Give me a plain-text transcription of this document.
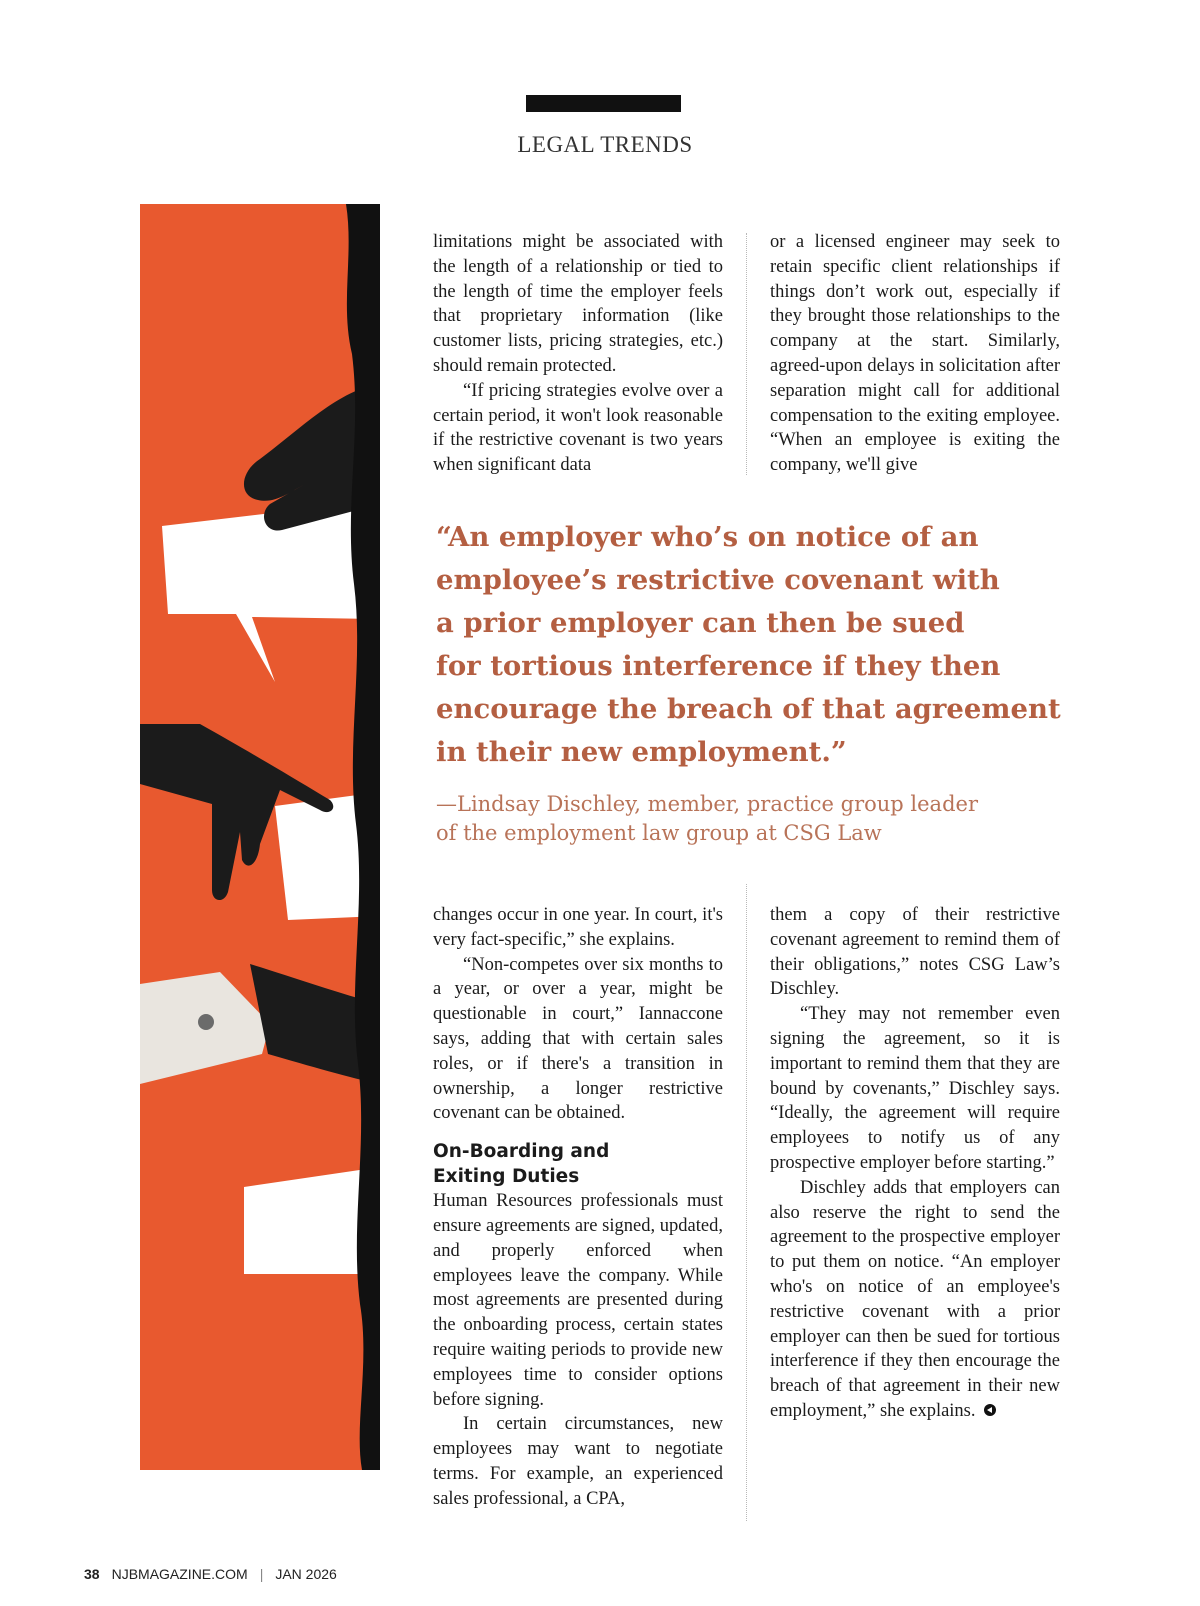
LEGAL TRENDS

limitations might be associated with the length of a relationship or tied to the length of time the employer feels that proprietary information (like customer lists, pricing strategies, etc.) should remain protected.

“If pricing strategies evolve over a certain period, it won't look reasonable if the restrictive covenant is two years when significant data

or a licensed engineer may seek to retain specific client relationships if things don’t work out, especially if they brought those relationships to the company at the start. Similarly, agreed-upon delays in solicitation after separation might call for additional compensation to the exiting employee. “When an employee is exiting the company, we'll give

“An employer who’s on notice of an
employee’s restrictive covenant with
a prior employer can then be sued
for tortious interference if they then
encourage the breach of that agreement
in their new employment.”
—Lindsay Dischley, member, practice group leader
of the employment law group at CSG Law

changes occur in one year. In court, it's very fact-specific,” she explains.

“Non-competes over six months to a year, or over a year, might be questionable in court,” Iannaccone says, adding that with certain sales roles, or if there's a transition in ownership, a longer restrictive covenant can be obtained.

On-Boarding and
Exiting Duties

Human Resources professionals must ensure agreements are signed, updated, and properly enforced when employees leave the company. While most agreements are presented during the onboarding process, certain states require waiting periods to provide new employees time to consider options before signing.

In certain circumstances, new employees may want to negotiate terms. For example, an experienced sales professional, a CPA,

them a copy of their restrictive covenant agreement to remind them of their obligations,” notes CSG Law’s Dischley.

“They may not remember even signing the agreement, so it is important to remind them that they are bound by covenants,” Dischley says. “Ideally, the agreement will require employees to notify us of any prospective employer before starting.”

Dischley adds that employers can also reserve the right to send the agreement to the prospective employer to put them on notice. “An employer who's on notice of an employee's restrictive covenant with a prior employer can then be sued for tortious interference if they then encourage the breach of that agreement in their new employment,” she explains.

38 NJBMAGAZINE.COM | JAN 2026
